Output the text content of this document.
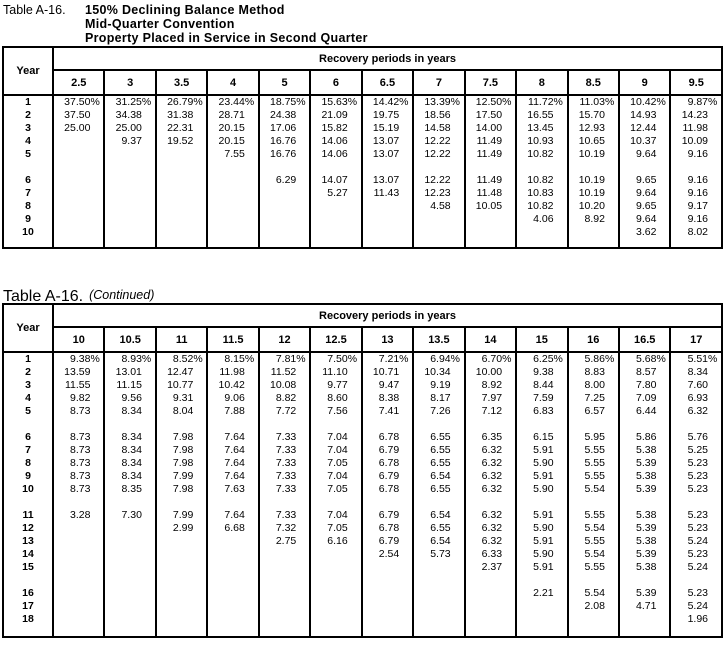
Table A-16.	150% Declining Balance Method
Mid-Quarter Convention
Property Placed in Service in Second Quarter
Year	Recovery periods in years												
	2.5	3	3.5	4	5	6	6.5	7	7.5	8	8.5	9	9.5
1	37.50%	31.25%	26.79%	23.44%	18.75%	15.63%	14.42%	13.39%	12.50%	11.72%	11.03%	10.42%	9.87%
2	37.50	34.38	31.38	28.71	24.38	21.09	19.75	18.56	17.50	16.55	15.70	14.93	14.23
3	25.00	25.00	22.31	20.15	17.06	15.82	15.19	14.58	14.00	13.45	12.93	12.44	11.98
4		9.37	19.52	20.15	16.76	14.06	13.07	12.22	11.49	10.93	10.65	10.37	10.09
5				7.55	16.76	14.06	13.07	12.22	11.49	10.82	10.19	9.64	9.16

6					6.29	14.07	13.07	12.22	11.49	10.82	10.19	9.65	9.16
7						5.27	11.43	12.23	11.48	10.83	10.19	9.64	9.16
8								4.58	10.05	10.82	10.20	9.65	9.17
9										4.06	8.92	9.64	9.16
10												3.62	8.02

Table A-16. (Continued)
Year	Recovery periods in years												
	10	10.5	11	11.5	12	12.5	13	13.5	14	15	16	16.5	17
1	9.38%	8.93%	8.52%	8.15%	7.81%	7.50%	7.21%	6.94%	6.70%	6.25%	5.86%	5.68%	5.51%
2	13.59	13.01	12.47	11.98	11.52	11.10	10.71	10.34	10.00	9.38	8.83	8.57	8.34
3	11.55	11.15	10.77	10.42	10.08	9.77	9.47	9.19	8.92	8.44	8.00	7.80	7.60
4	9.82	9.56	9.31	9.06	8.82	8.60	8.38	8.17	7.97	7.59	7.25	7.09	6.93
5	8.73	8.34	8.04	7.88	7.72	7.56	7.41	7.26	7.12	6.83	6.57	6.44	6.32

6	8.73	8.34	7.98	7.64	7.33	7.04	6.78	6.55	6.35	6.15	5.95	5.86	5.76
7	8.73	8.34	7.98	7.64	7.33	7.04	6.79	6.55	6.32	5.91	5.55	5.38	5.25
8	8.73	8.34	7.98	7.64	7.33	7.05	6.78	6.55	6.32	5.90	5.55	5.39	5.23
9	8.73	8.34	7.99	7.64	7.33	7.04	6.79	6.54	6.32	5.91	5.55	5.38	5.23
10	8.73	8.35	7.98	7.63	7.33	7.05	6.78	6.55	6.32	5.90	5.54	5.39	5.23

11	3.28	7.30	7.99	7.64	7.33	7.04	6.79	6.54	6.32	5.91	5.55	5.38	5.23
12			2.99	6.68	7.32	7.05	6.78	6.55	6.32	5.90	5.54	5.39	5.23
13					2.75	6.16	6.79	6.54	6.32	5.91	5.55	5.38	5.24
14							2.54	5.73	6.33	5.90	5.54	5.39	5.23
15									2.37	5.91	5.55	5.38	5.24

16										2.21	5.54	5.39	5.23
17											2.08	4.71	5.24
18													1.96
